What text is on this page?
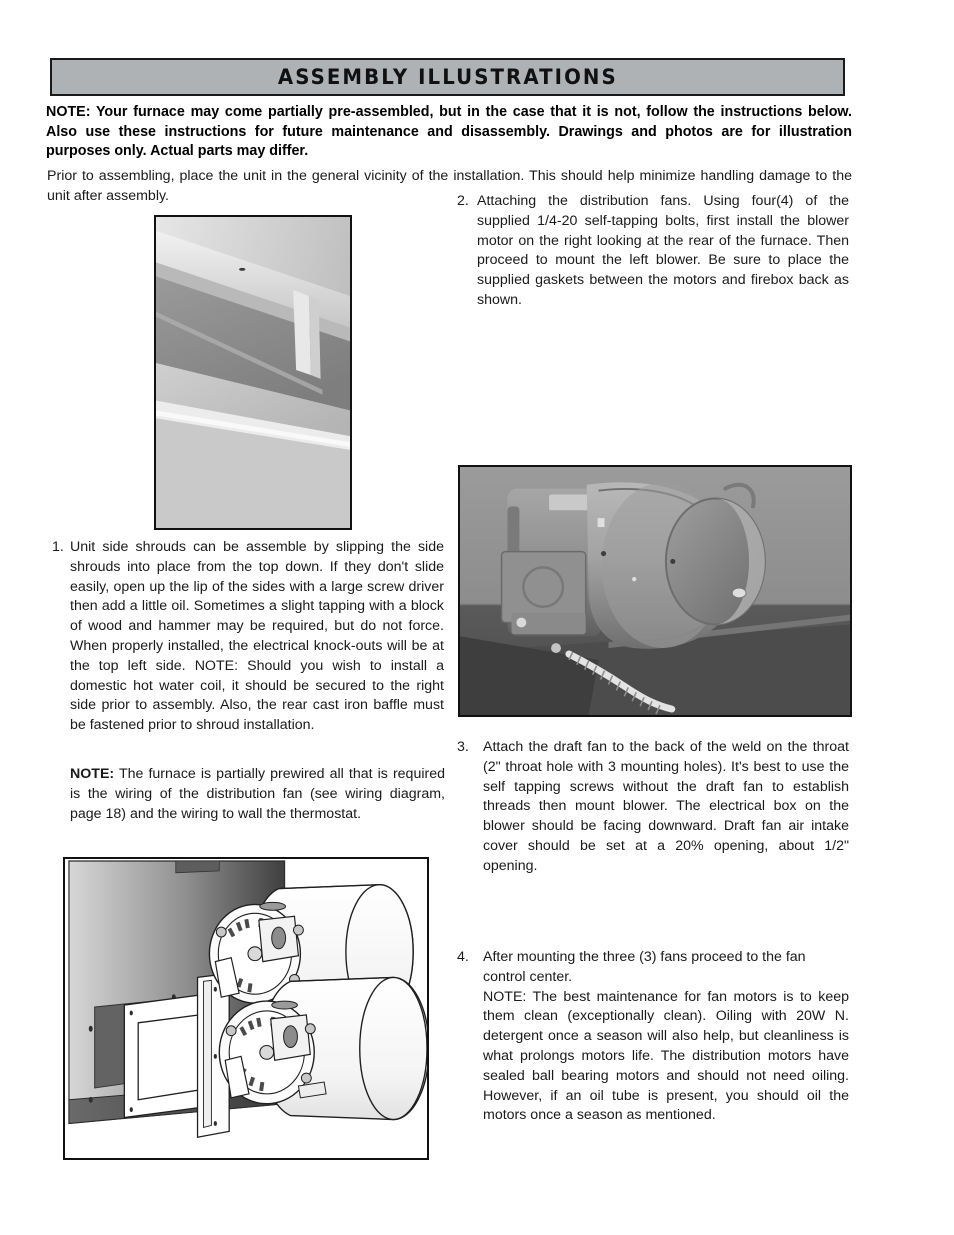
ASSEMBLY ILLUSTRATIONS
NOTE: Your furnace may come partially pre-assembled, but in the case that it is not, follow the instructions below. Also use these instructions for future maintenance and disassembly. Drawings and photos are for illustration purposes only. Actual parts may differ.
Prior to assembling, place the unit in the general vicinity of the installation. This should help minimize handling damage to the unit after assembly.	2. Attaching the distribution fans. Using four(4) of the supplied 1/4-20 self-tapping bolts, first install the blower motor on the right looking at the rear of the furnace. Then proceed to mount the left blower. Be sure to place the supplied gaskets between the motors and firebox back as shown.
1. Unit side shrouds can be assemble by slipping the side shrouds into place from the top down. If they don't slide easily, open up the lip of the sides with a large screw driver then add a little oil. Sometimes a slight tapping with a block of wood and hammer may be required, but do not force. When properly installed, the electrical knock-outs will be at the top left side. NOTE: Should you wish to install a domestic hot water coil, it should be secured to the right side prior to assembly. Also, the rear cast iron baffle must be fastened prior to shroud installation.
NOTE: The furnace is partially prewired all that is required is the wiring of the distribution fan (see wiring diagram, page 18) and the wiring to wall the thermostat.
3. Attach the draft fan to the back of the weld on the throat (2" throat hole with 3 mounting holes). It's best to use the self tapping screws without the draft fan to establish threads then mount blower. The electrical box on the blower should be facing downward. Draft fan air intake cover should be set at a 20% opening, about 1/2" opening.
4. After mounting the three (3) fans proceed to the fan control center.
NOTE: The best maintenance for fan motors is to keep them clean (exceptionally clean). Oiling with 20W N. detergent once a season will also help, but cleanliness is what prolongs motors life. The distribution motors have sealed ball bearing motors and should not need oiling. However, if an oil tube is present, you should oil the motors once a season as mentioned.
